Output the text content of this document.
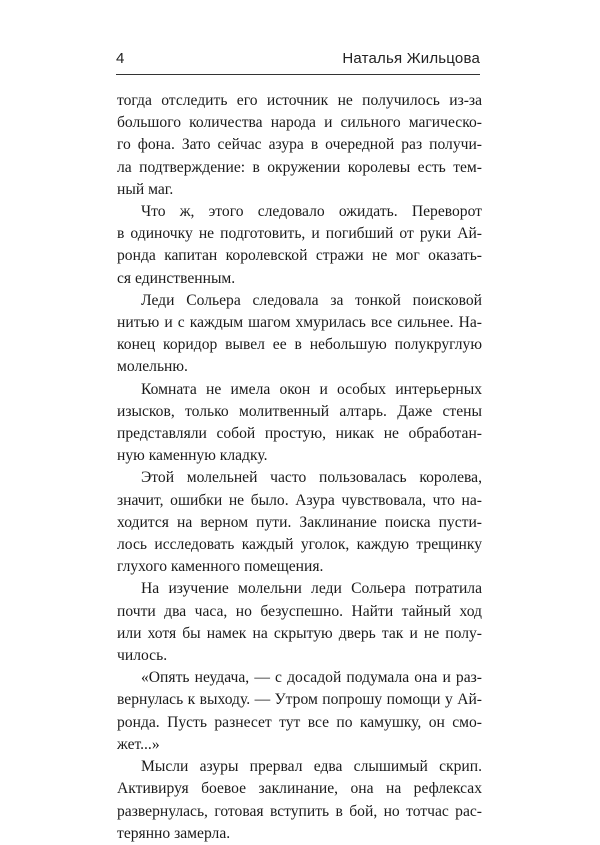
4	Наталья Жильцова
тогда отследить его источник не получилось из-за
большого количества народа и сильного магическо-
го фона. Зато сейчас азура в очередной раз получи-
ла подтверждение: в окружении королевы есть тем-
ный маг.
Что ж, этого следовало ожидать. Переворот
в одиночку не подготовить, и погибший от руки Ай-
ронда капитан королевской стражи не мог оказать-
ся единственным.
Леди Сольера следовала за тонкой поисковой
нитью и с каждым шагом хмурилась все сильнее. На-
конец коридор вывел ее в небольшую полукруглую
молельню.
Комната не имела окон и особых интерьерных
изысков, только молитвенный алтарь. Даже стены
представляли собой простую, никак не обработан-
ную каменную кладку.
Этой молельней часто пользовалась королева,
значит, ошибки не было. Азура чувствовала, что на-
ходится на верном пути. Заклинание поиска пусти-
лось исследовать каждый уголок, каждую трещинку
глухого каменного помещения.
На изучение молельни леди Сольера потратила
почти два часа, но безуспешно. Найти тайный ход
или хотя бы намек на скрытую дверь так и не полу-
чилось.
«Опять неудача, — с досадой подумала она и раз-
вернулась к выходу. — Утром попрошу помощи у Ай-
ронда. Пусть разнесет тут все по камушку, он смо-
жет...»
Мысли азуры прервал едва слышимый скрип.
Активируя боевое заклинание, она на рефлексах
развернулась, готовая вступить в бой, но тотчас рас-
терянно замерла.
